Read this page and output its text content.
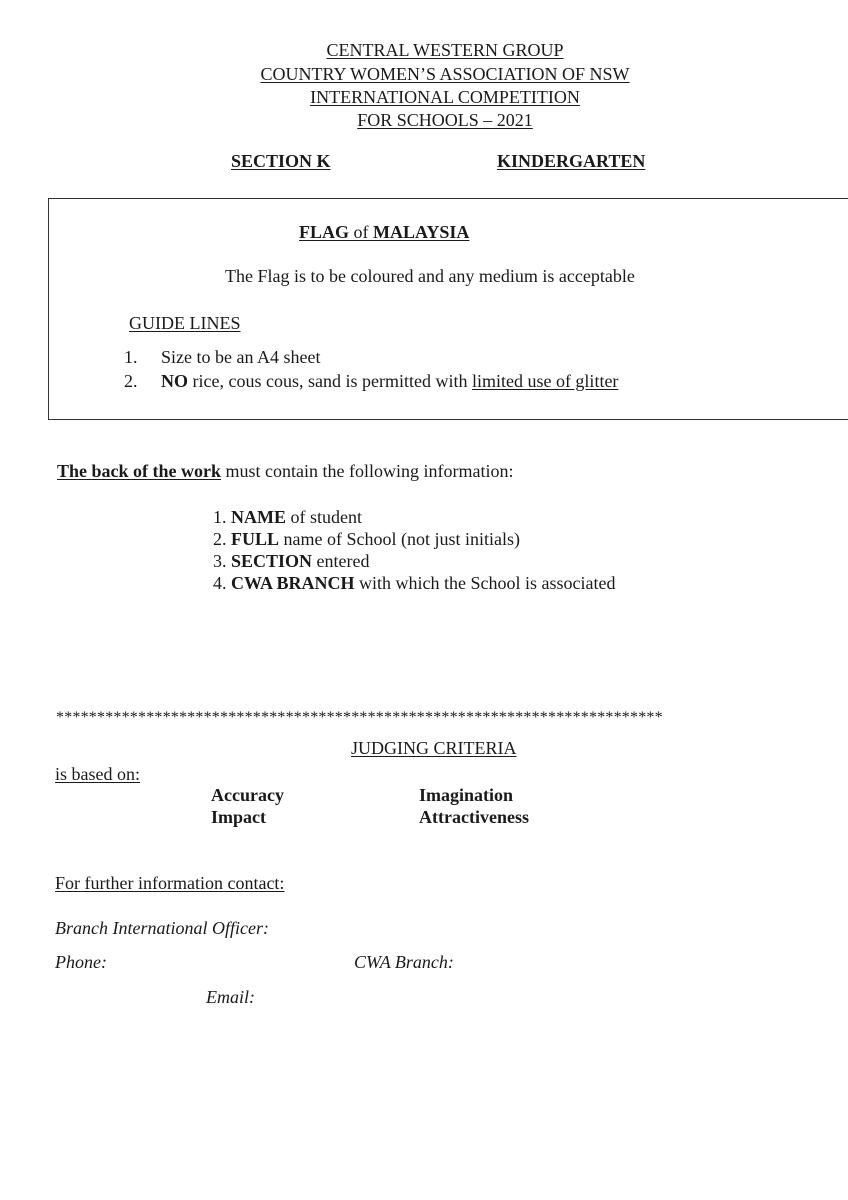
CENTRAL WESTERN GROUP
COUNTRY WOMEN’S ASSOCIATION OF NSW
INTERNATIONAL COMPETITION
FOR SCHOOLS – 2021
SECTION K	KINDERGARTEN
FLAG of MALAYSIA
The Flag is to be coloured and any medium is acceptable
GUIDE LINES
1. Size to be an A4 sheet
2. NO rice, cous cous, sand is permitted with limited use of glitter
The back of the work must contain the following information:
1. NAME of student
2. FULL name of School (not just initials)
3. SECTION entered
4. CWA BRANCH with which the School is associated
**************************************************************************
JUDGING CRITERIA
is based on:
Accuracy	Imagination
Impact	Attractiveness
For further information contact:
Branch International Officer:
Phone:	CWA Branch:
Email:
